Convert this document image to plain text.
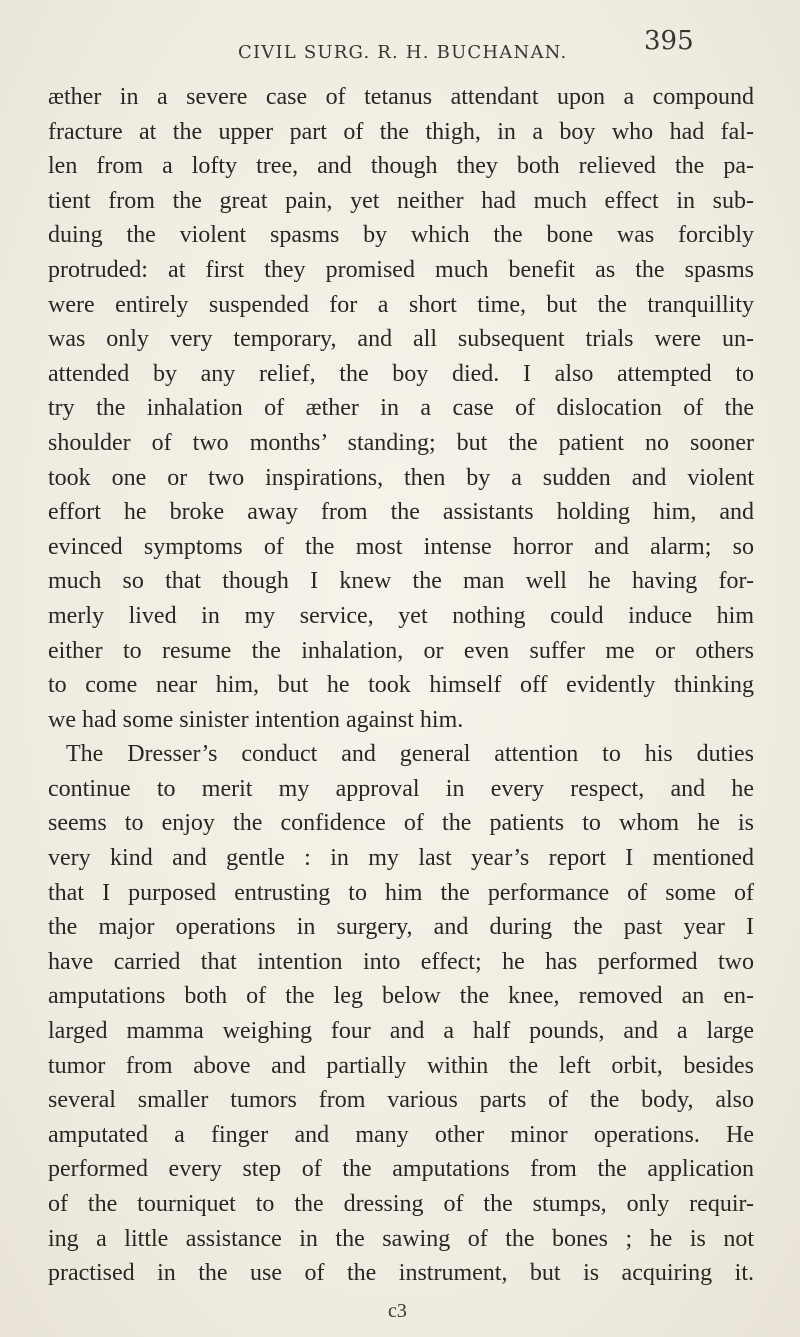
CIVIL SURG. R. H. BUCHANAN.	395
æther in a severe case of tetanus attendant upon a compound
fracture at the upper part of the thigh, in a boy who had fal-
len from a lofty tree, and though they both relieved the pa-
tient from the great pain, yet neither had much effect in sub-
duing the violent spasms by which the bone was forcibly
protruded: at first they promised much benefit as the spasms
were entirely suspended for a short time, but the tranquillity
was only very temporary, and all subsequent trials were un-
attended by any relief, the boy died. I also attempted to
try the inhalation of æther in a case of dislocation of the
shoulder of two months’ standing; but the patient no sooner
took one or two inspirations, then by a sudden and violent
effort he broke away from the assistants holding him, and
evinced symptoms of the most intense horror and alarm; so
much so that though I knew the man well he having for-
merly lived in my service, yet nothing could induce him
either to resume the inhalation, or even suffer me or others
to come near him, but he took himself off evidently thinking
we had some sinister intention against him.
The Dresser’s conduct and general attention to his duties
continue to merit my approval in every respect, and he
seems to enjoy the confidence of the patients to whom he is
very kind and gentle : in my last year’s report I mentioned
that I purposed entrusting to him the performance of some of
the major operations in surgery, and during the past year I
have carried that intention into effect; he has performed two
amputations both of the leg below the knee, removed an en-
larged mamma weighing four and a half pounds, and a large
tumor from above and partially within the left orbit, besides
several smaller tumors from various parts of the body, also
amputated a finger and many other minor operations. He
performed every step of the amputations from the application
of the tourniquet to the dressing of the stumps, only requir-
ing a little assistance in the sawing of the bones ; he is not
practised in the use of the instrument, but is acquiring it.
c3
